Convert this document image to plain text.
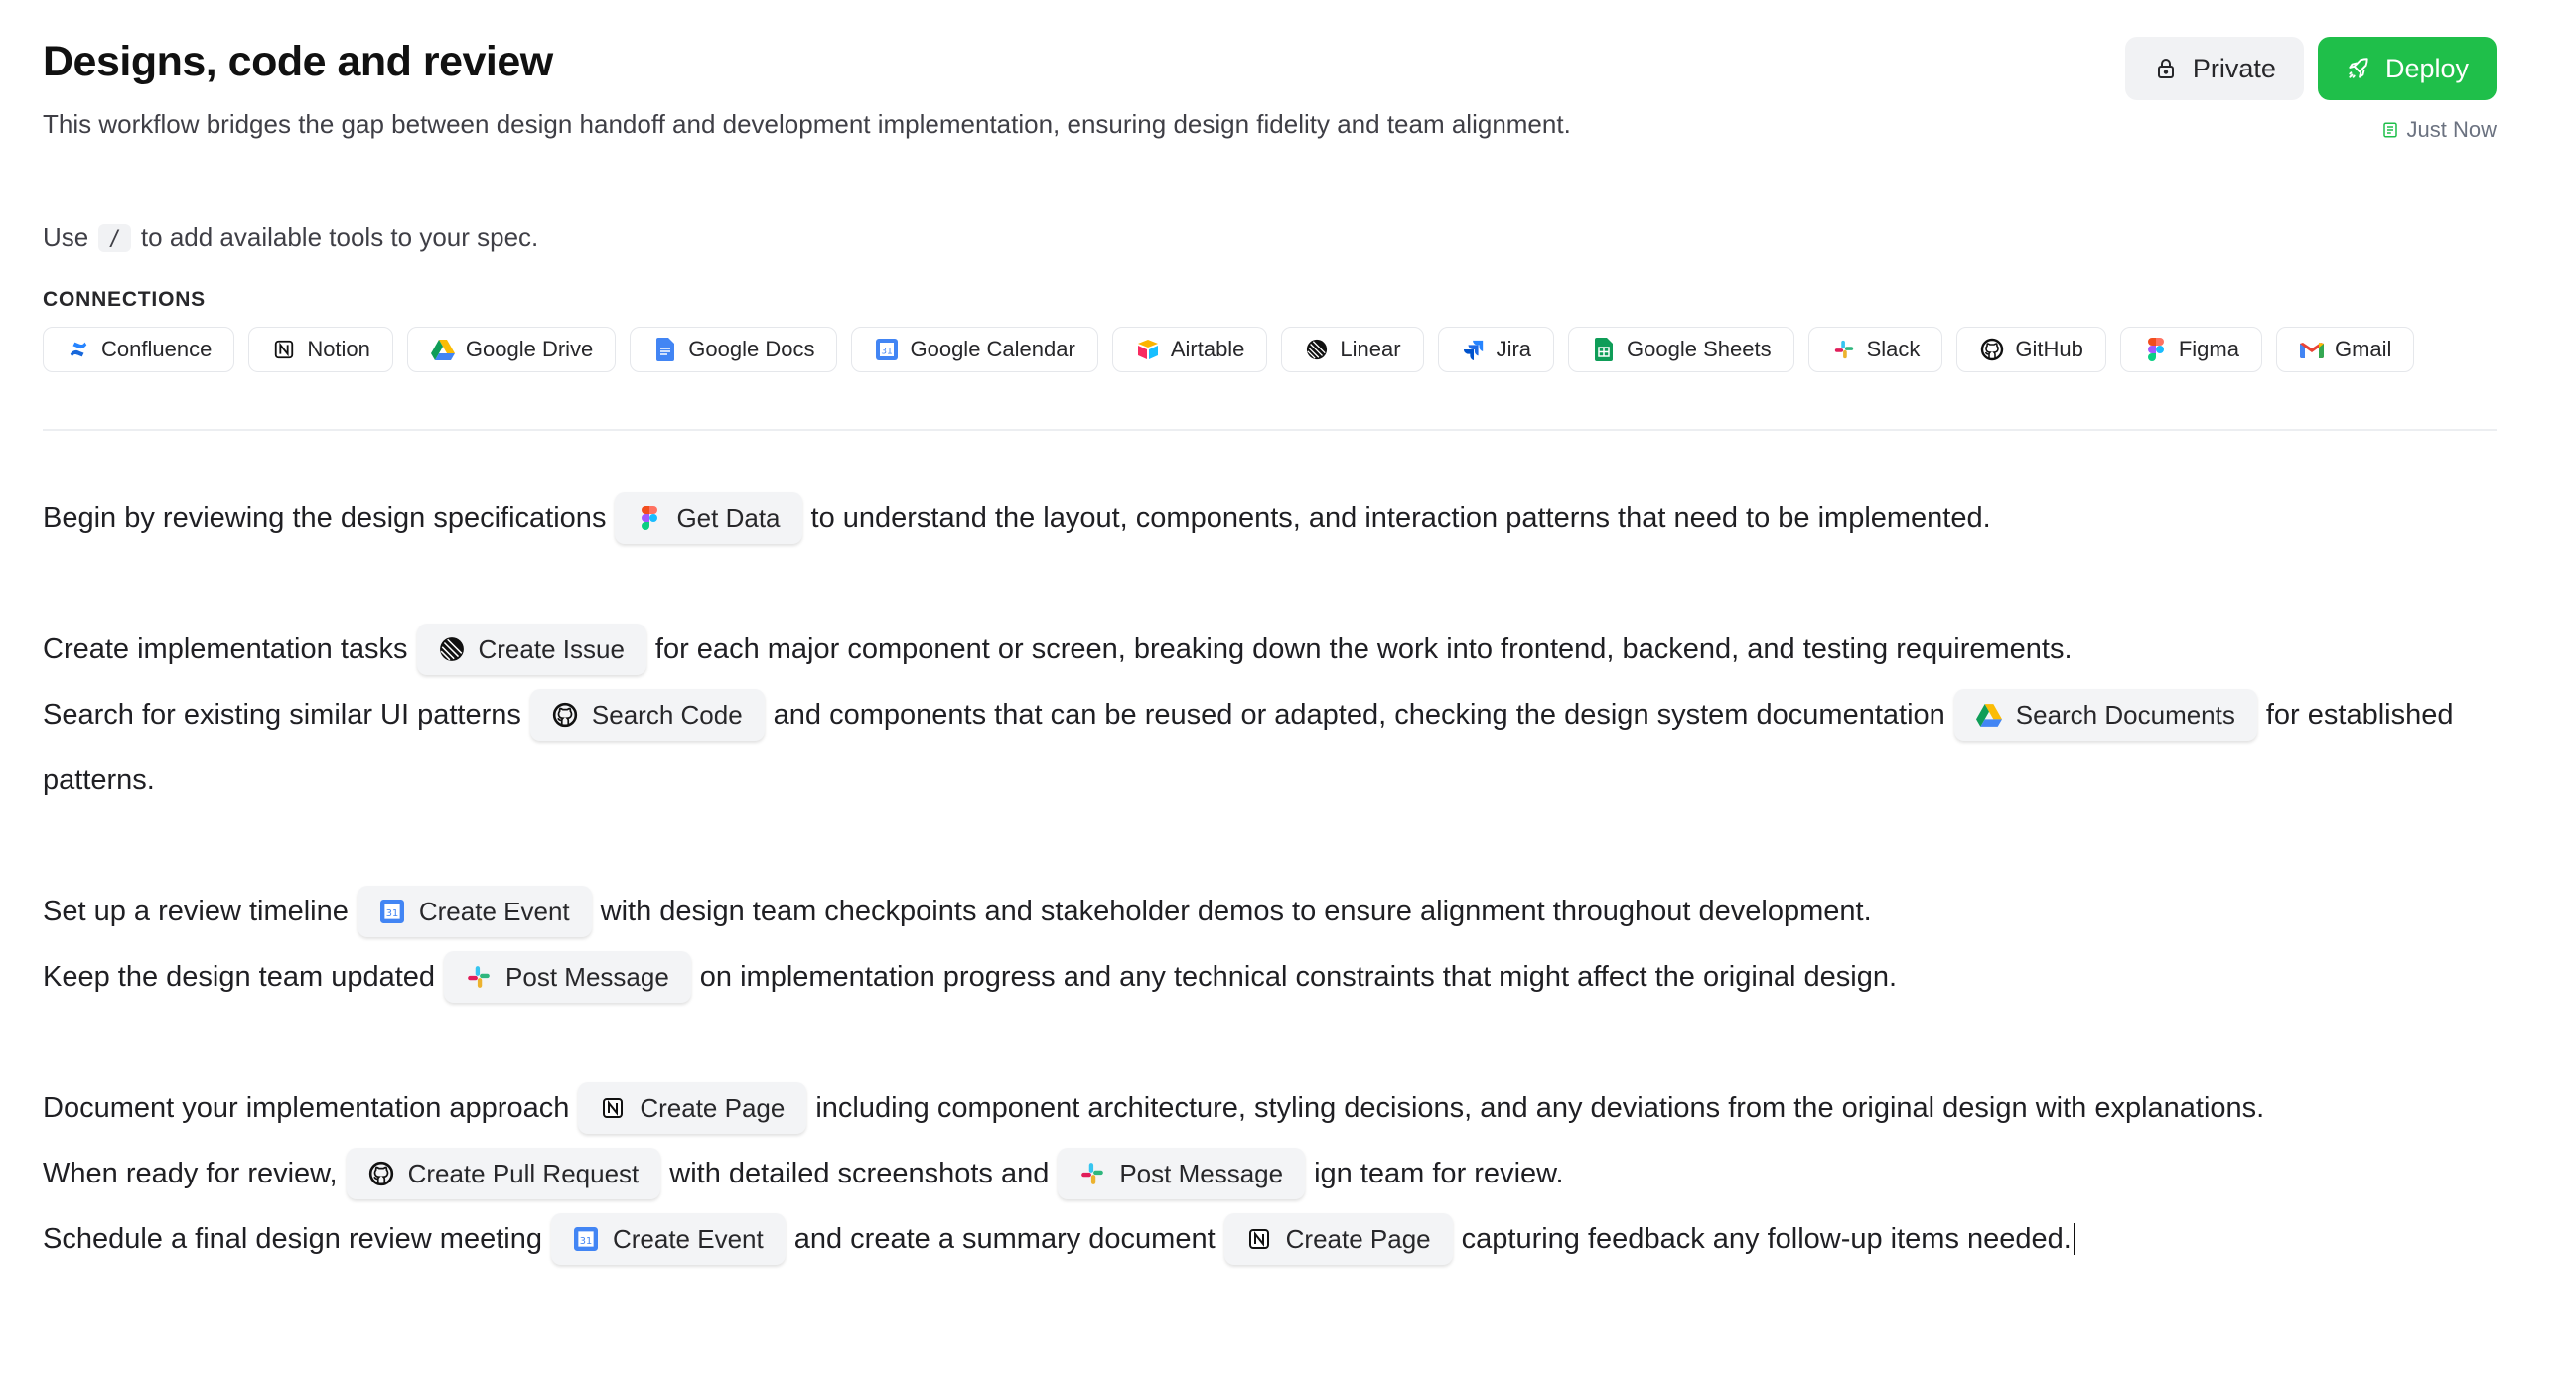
Designs, code and review

This workflow bridges the gap between design handoff and development implementation, ensuring design fidelity and team alignment.

Private	Deploy
Just Now
Use / to add available tools to your spec.
CONNECTIONS
Confluence	Notion	Google Drive	Google Docs	31 Google Calendar	Airtable	Linear	Jira	Google Sheets	Slack	GitHub	Figma	Gmail
Begin by reviewing the design specifications	Get Data to understand the layout, components, and interaction patterns that need to be implemented.
Create implementation tasks	Create Issue for each major component or screen, breaking down the work into frontend, backend, and testing requirements.
Search for existing similar UI patterns	Search Code and components that can be reused or adapted, checking the design system documentation	Search Documents for established
patterns.
Set up a review timeline	31 Create Event with design team checkpoints and stakeholder demos to ensure alignment throughout development.
Keep the design team updated	Post Message on implementation progress and any technical constraints that might affect the original design.
Document your implementation approach	Create Page including component architecture, styling decisions, and any deviations from the original design with explanations.
When ready for review,	Create Pull Request with detailed screenshots and	Post Message ign team for review.
Schedule a final design review meeting	31 Create Event and create a summary document	Create Page capturing feedback any follow-up items needed.
